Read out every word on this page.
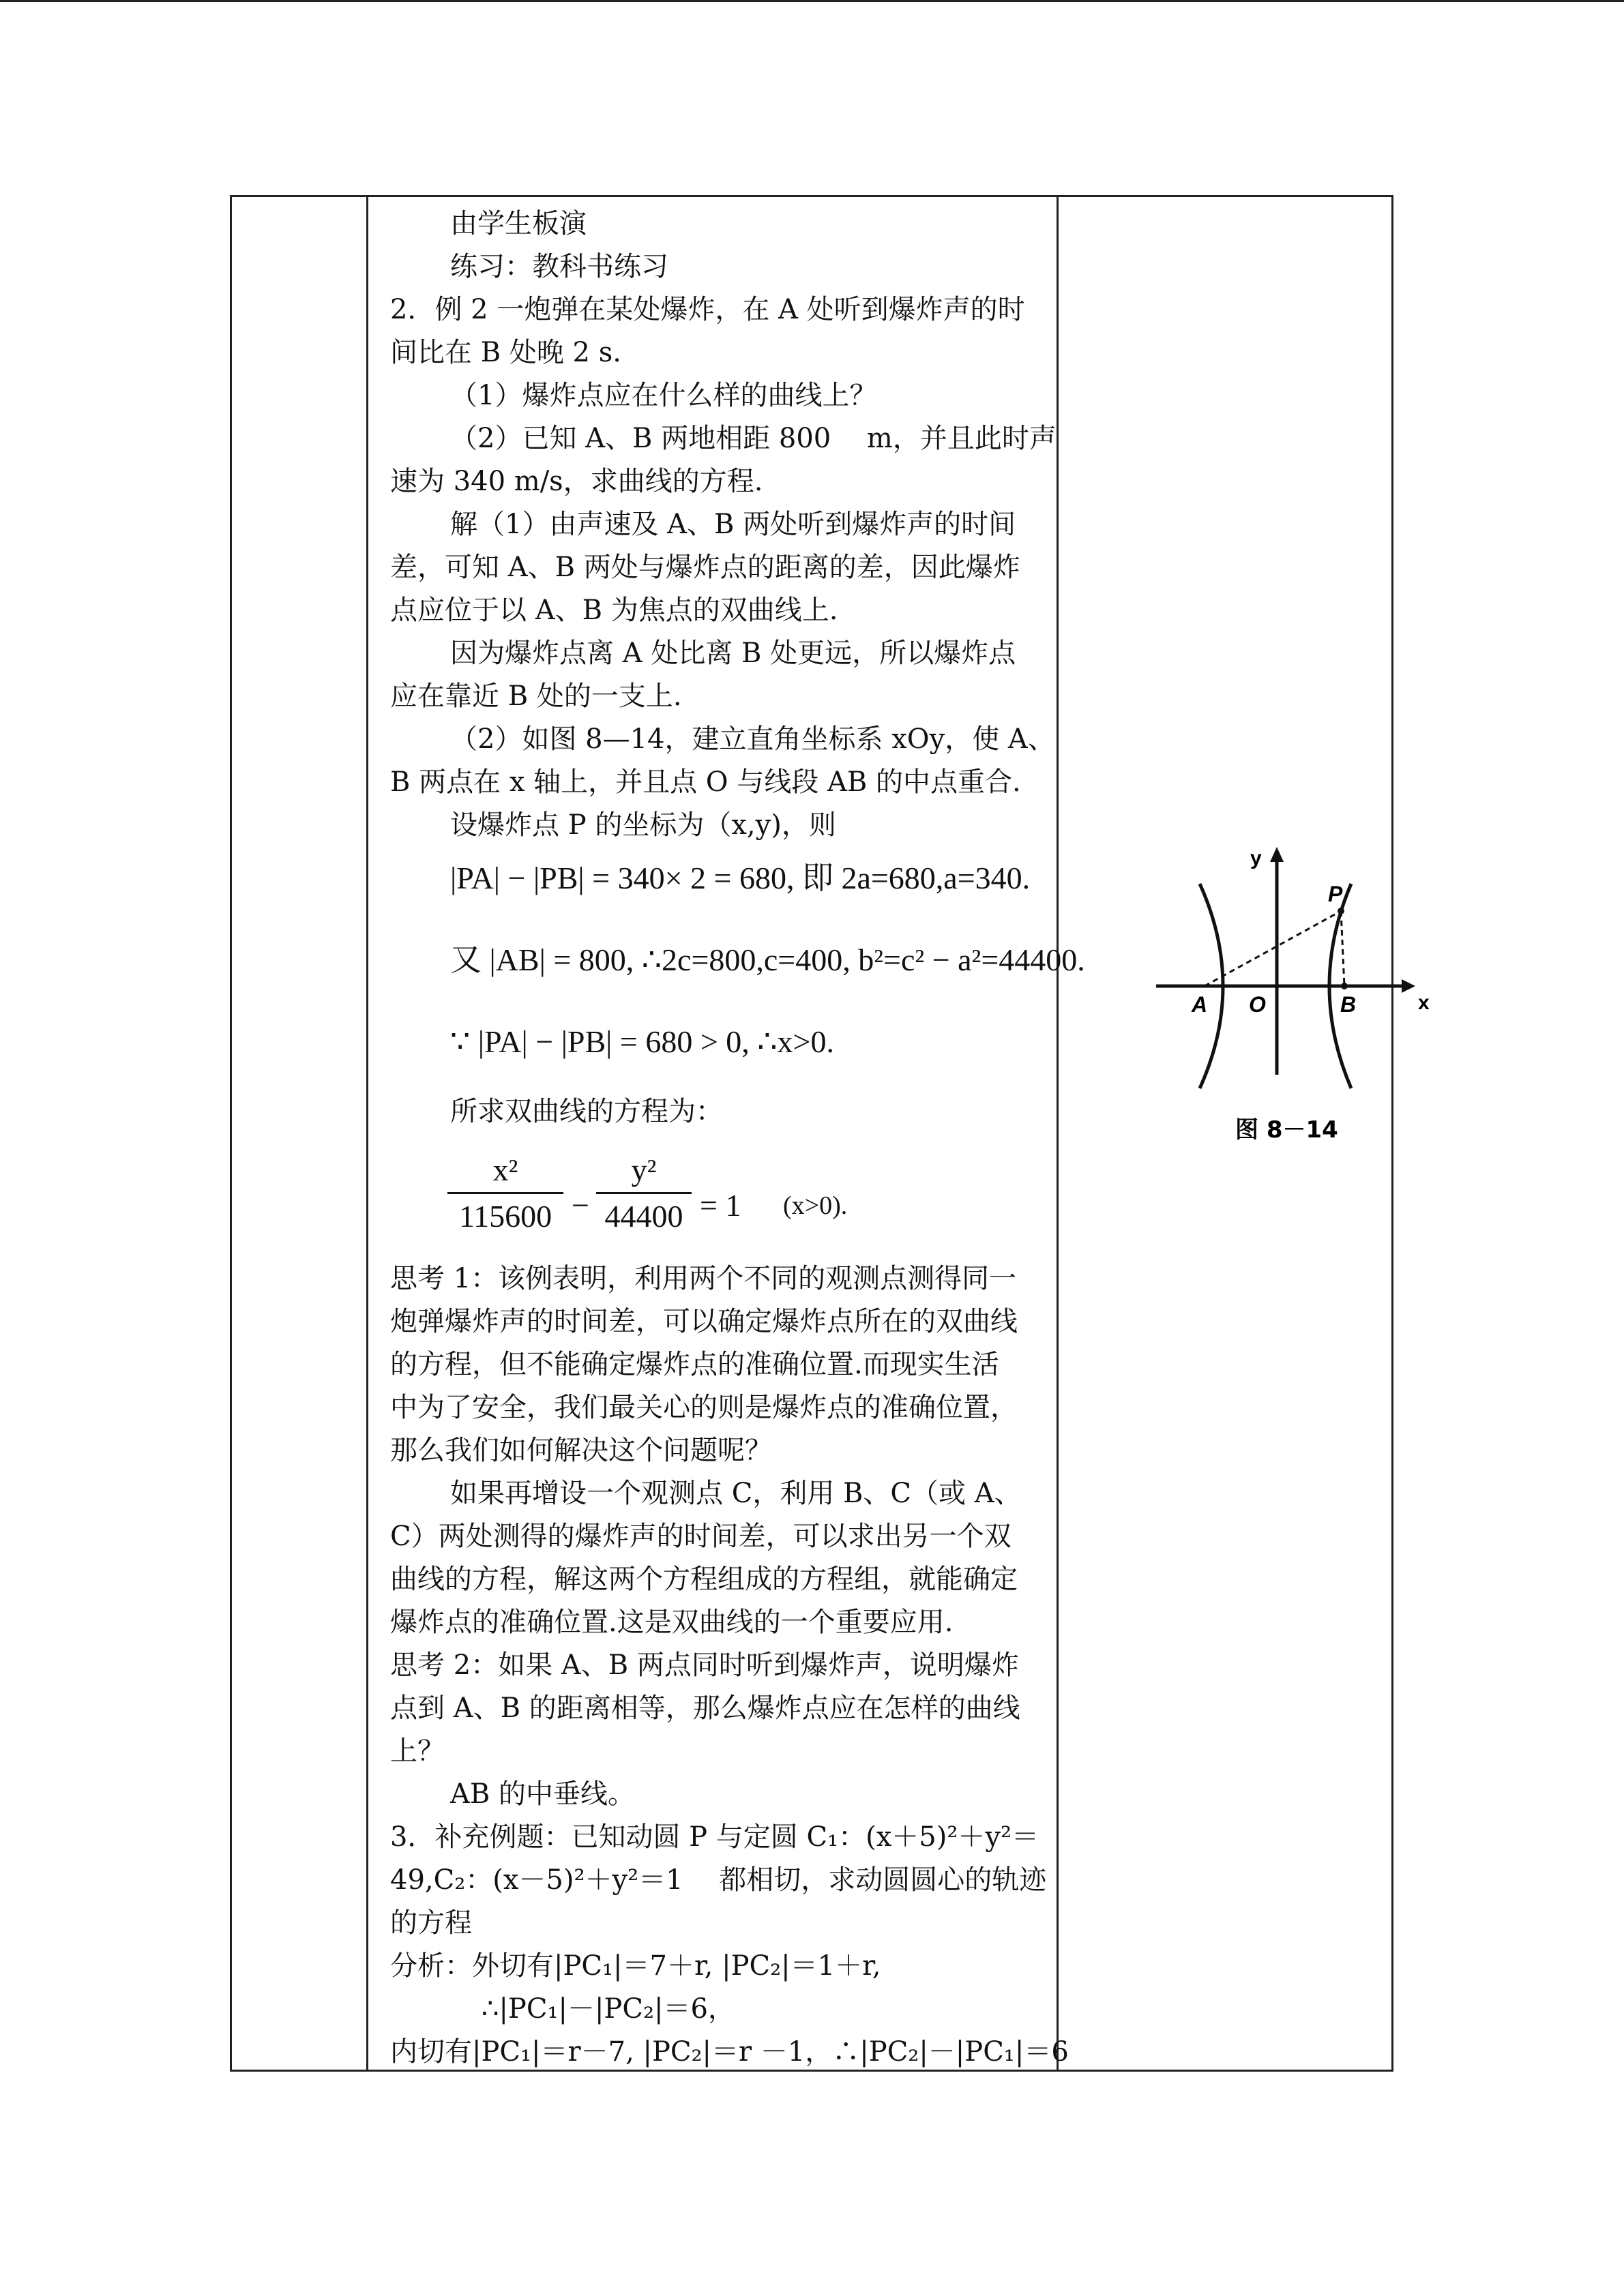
由学生板演
练习：教科书练习
2．例 2 一炮弹在某处爆炸，在 A 处听到爆炸声的时
间比在 B 处晚 2 s.
（1）爆炸点应在什么样的曲线上？
（2）已知 A、B 两地相距 800　 m，并且此时声
速为 340 m/s，求曲线的方程.
解（1）由声速及 A、B 两处听到爆炸声的时间
差，可知 A、B 两处与爆炸点的距离的差，因此爆炸
点应位于以 A、B 为焦点的双曲线上.
因为爆炸点离 A 处比离 B 处更远，所以爆炸点
应在靠近 B 处的一支上.
（2）如图 8—14，建立直角坐标系 xOy，使 A、
B 两点在 x 轴上，并且点 O 与线段 AB 的中点重合.
设爆炸点 P 的坐标为（x,y)，则
|PA| − |PB| = 340× 2 = 680, 即 2a=680,a=340.
又 |AB| = 800, ∴2c=800,c=400, b²=c² − a²=44400.
∵ |PA| − |PB| = 680 > 0, ∴x>0.
所求双曲线的方程为：
x²
115600 −
y²
44400 = 1 (x>0).
思考 1：该例表明，利用两个不同的观测点测得同一
炮弹爆炸声的时间差，可以确定爆炸点所在的双曲线
的方程，但不能确定爆炸点的准确位置.而现实生活
中为了安全，我们最关心的则是爆炸点的准确位置，
那么我们如何解决这个问题呢？
如果再增设一个观测点 C，利用 B、C（或 A、
C）两处测得的爆炸声的时间差，可以求出另一个双
曲线的方程，解这两个方程组成的方程组，就能确定
爆炸点的准确位置.这是双曲线的一个重要应用.
思考 2：如果 A、B 两点同时听到爆炸声，说明爆炸
点到 A、B 的距离相等，那么爆炸点应在怎样的曲线
上？
AB 的中垂线。
3．补充例题：已知动圆 P 与定圆 C₁：(x＋5)²＋y²＝
49,C₂：(x－5)²＋y²＝1　 都相切，求动圆圆心的轨迹
的方程
分析：外切有|PC₁|＝7＋r, |PC₂|＝1＋r,
∴|PC₁|－|PC₂|＝6，
内切有|PC₁|＝r－7, |PC₂|＝r －1，∴|PC₂|－|PC₁|＝6
y
x
P
A O	B
图 8－14
